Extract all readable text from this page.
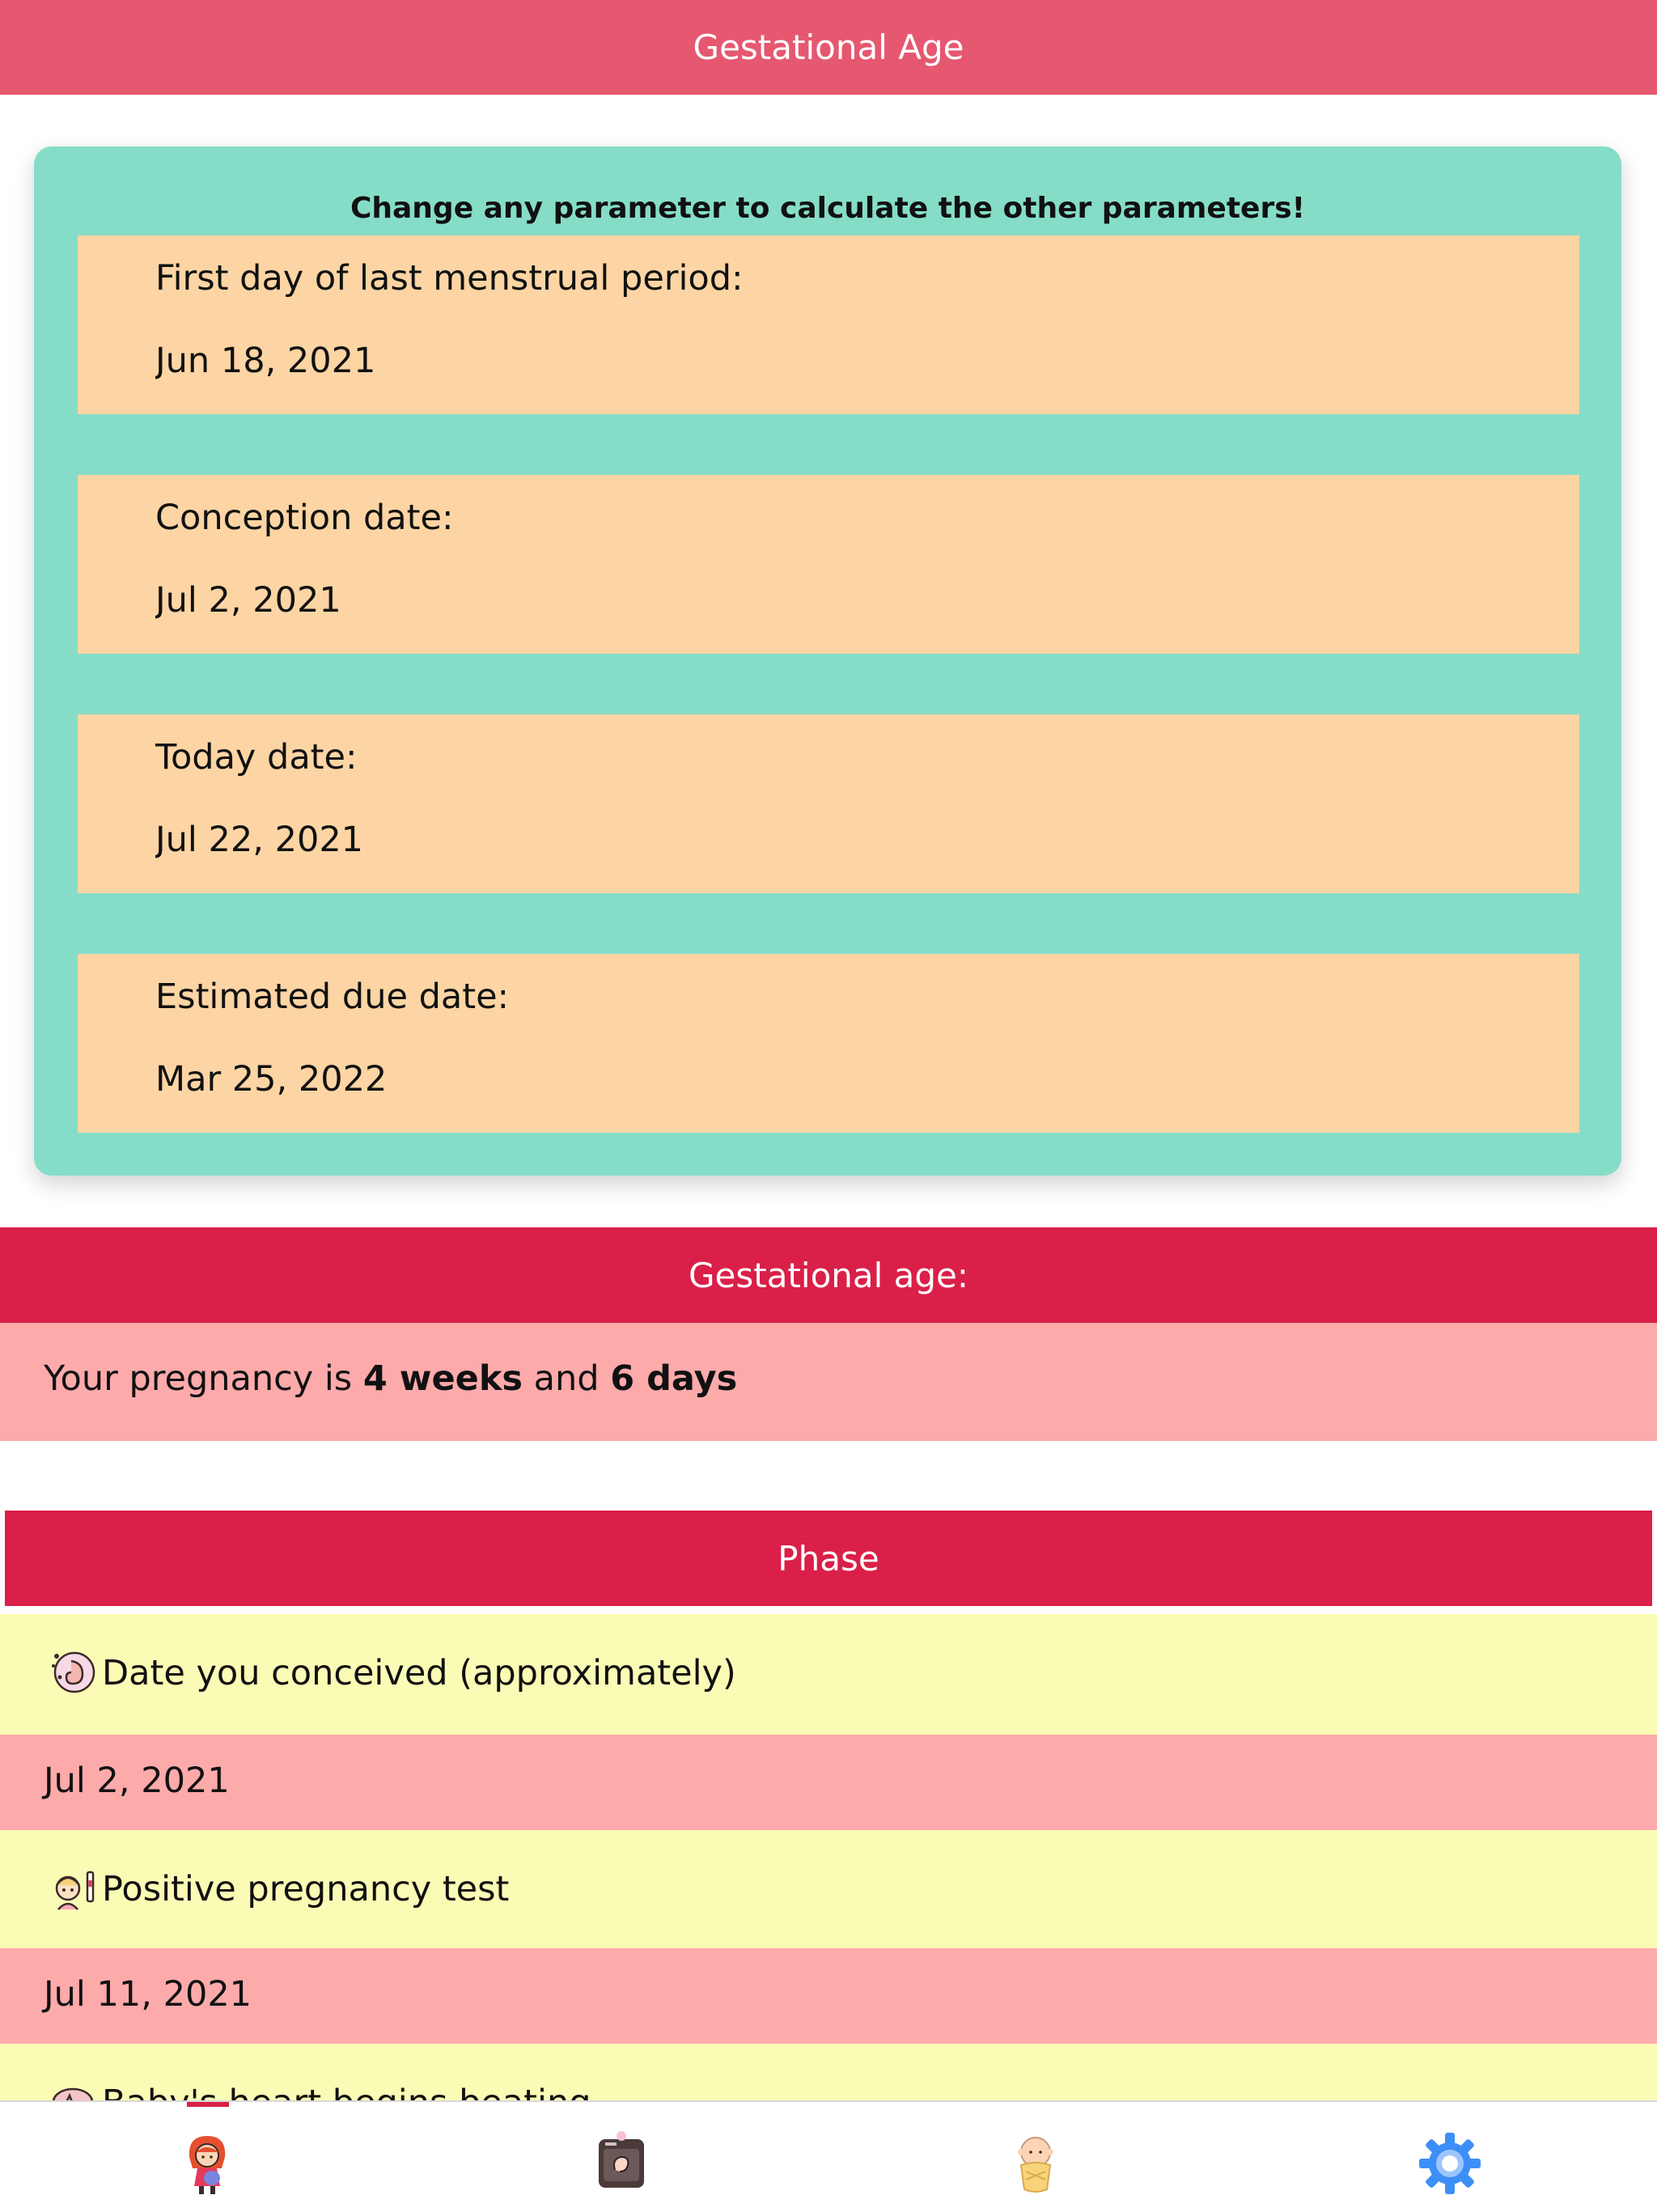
Gestational Age
Change any parameter to calculate the other parameters!
First day of last menstrual period:
Jun 18, 2021
Conception date:
Jul 2, 2021
Today date:
Jul 22, 2021
Estimated due date:
Mar 25, 2022
Gestational age:
Your pregnancy is 4 weeks and 6 days
Phase
Date you conceived (approximately)
Jul 2, 2021
Positive pregnancy test
Jul 11, 2021
